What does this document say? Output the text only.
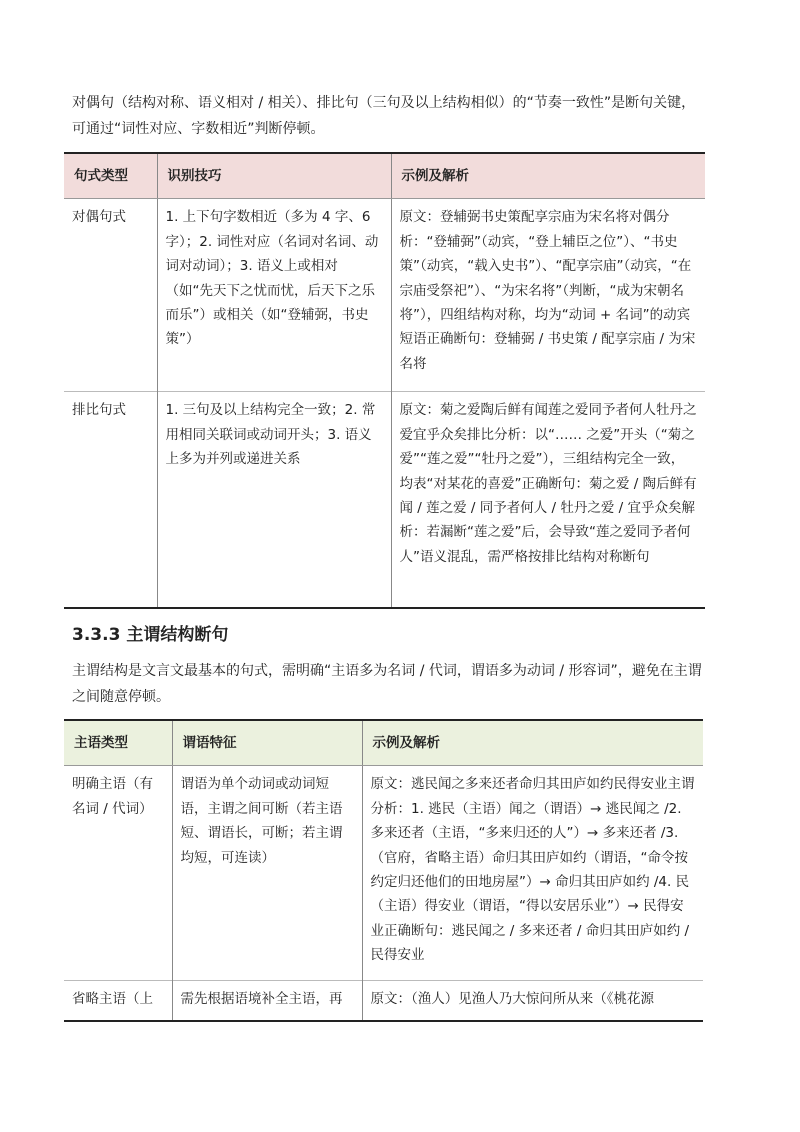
对偶句（结构对称、语义相对 / 相关）、排比句（三句及以上结构相似）的“节奏一致性”是断句关键，可通过“词性对应、字数相近”判断停顿。

句式类型	识别技巧	示例及解析
对偶句式	1. 上下句字数相近（多为 4 字、6 字）；2. 词性对应（名词对名词、动词对动词）；3. 语义上或相对（如“先天下之忧而忧，后天下之乐而乐”）或相关（如“登辅弼，书史策”）	原文：登辅弼书史策配享宗庙为宋名将对偶分析：“登辅弼”（动宾，“登上辅臣之位”）、“书史策”（动宾，“载入史书”）、“配享宗庙”（动宾，“在宗庙受祭祀”）、“为宋名将”（判断，“成为宋朝名将”），四组结构对称，均为“动词 + 名词”的动宾短语正确断句：登辅弼 / 书史策 / 配享宗庙 / 为宋名将
排比句式	1. 三句及以上结构完全一致；2. 常用相同关联词或动词开头；3. 语义上多为并列或递进关系	原文：菊之爱陶后鲜有闻莲之爱同予者何人牡丹之爱宜乎众矣排比分析：以“…… 之爱”开头（“菊之爱”“莲之爱”“牡丹之爱”），三组结构完全一致，均表“对某花的喜爱”正确断句：菊之爱 / 陶后鲜有闻 / 莲之爱 / 同予者何人 / 牡丹之爱 / 宜乎众矣解析：若漏断“莲之爱”后，会导致“莲之爱同予者何人”语义混乱，需严格按排比结构对称断句
3.3.3 主谓结构断句

主谓结构是文言文最基本的句式，需明确“主语多为名词 / 代词，谓语多为动词 / 形容词”，避免在主谓之间随意停顿。

主语类型	谓语特征	示例及解析
明确主语（有名词 / 代词）	谓语为单个动词或动词短语，主谓之间可断（若主语短、谓语长，可断；若主谓均短，可连读）	原文：逃民闻之多来还者命归其田庐如约民得安业主谓分析：1. 逃民（主语）闻之（谓语）→ 逃民闻之 /2. 多来还者（主语，“多来归还的人”）→ 多来还者 /3.（官府，省略主语）命归其田庐如约（谓语，“命令按约定归还他们的田地房屋”）→ 命归其田庐如约 /4. 民（主语）得安业（谓语，“得以安居乐业”）→ 民得安业正确断句：逃民闻之 / 多来还者 / 命归其田庐如约 / 民得安业
省略主语（上	需先根据语境补全主语，再	原文：（渔人）见渔人乃大惊问所从来（《桃花源
